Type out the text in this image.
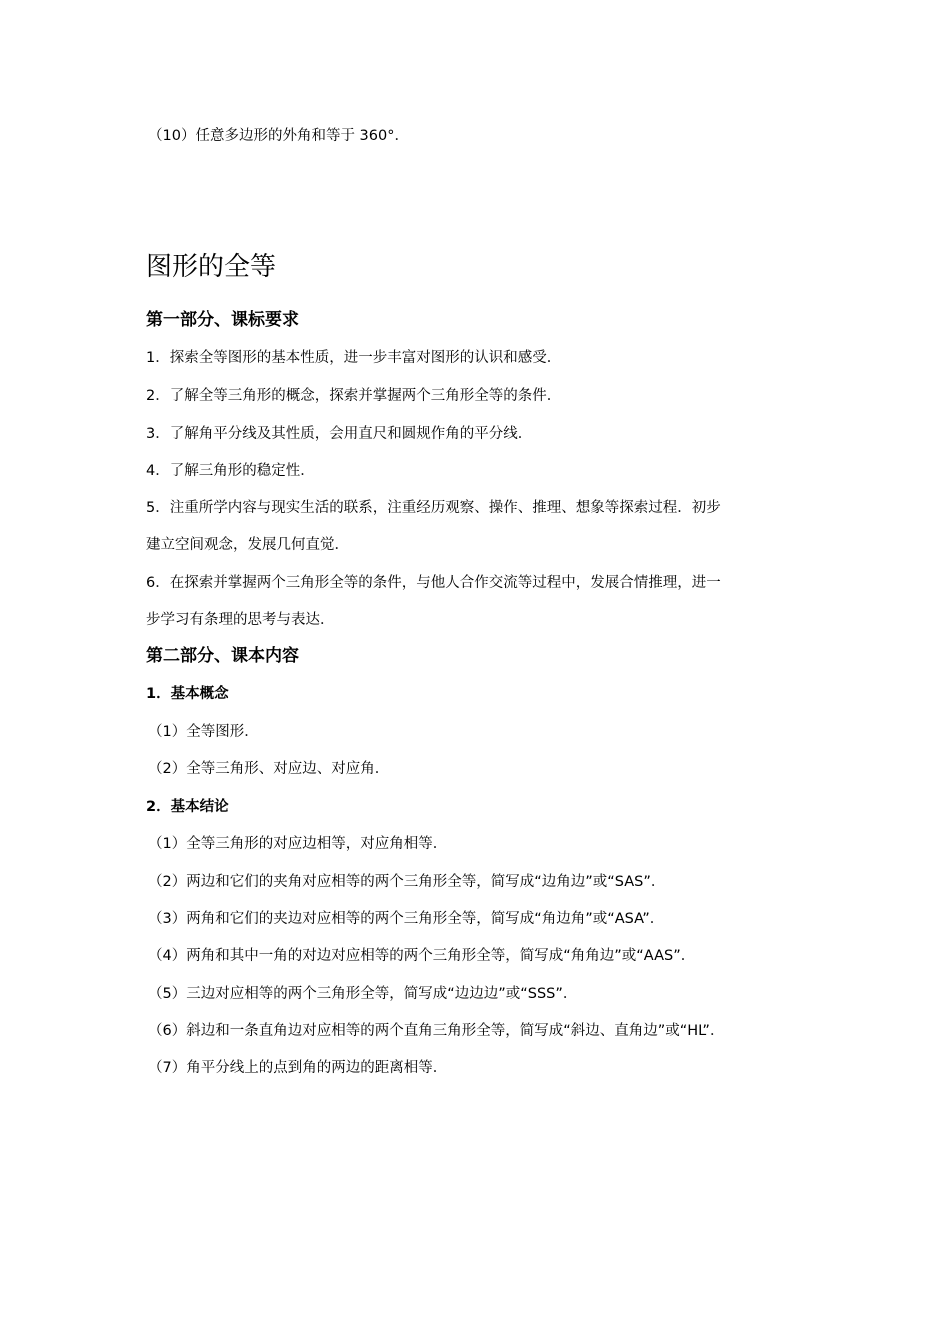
（10）任意多边形的外角和等于 360°．
图形的全等
第一部分、课标要求
1．探索全等图形的基本性质，进一步丰富对图形的认识和感受．
2．了解全等三角形的概念，探索并掌握两个三角形全等的条件．
3．了解角平分线及其性质，会用直尺和圆规作角的平分线．
4．了解三角形的稳定性．
5．注重所学内容与现实生活的联系，注重经历观察、操作、推理、想象等探索过程．初步
建立空间观念，发展几何直觉．
6．在探索并掌握两个三角形全等的条件，与他人合作交流等过程中，发展合情推理，进一
步学习有条理的思考与表达．
第二部分、课本内容
1．基本概念
（1）全等图形．
（2）全等三角形、对应边、对应角．
2．基本结论
（1）全等三角形的对应边相等，对应角相等．
（2）两边和它们的夹角对应相等的两个三角形全等，简写成“边角边”或“SAS”．
（3）两角和它们的夹边对应相等的两个三角形全等，简写成“角边角”或“ASA”．
（4）两角和其中一角的对边对应相等的两个三角形全等，简写成“角角边”或“AAS”．
（5）三边对应相等的两个三角形全等，简写成“边边边”或“SSS”．
（6）斜边和一条直角边对应相等的两个直角三角形全等，简写成“斜边、直角边”或“HL”．
（7）角平分线上的点到角的两边的距离相等．
